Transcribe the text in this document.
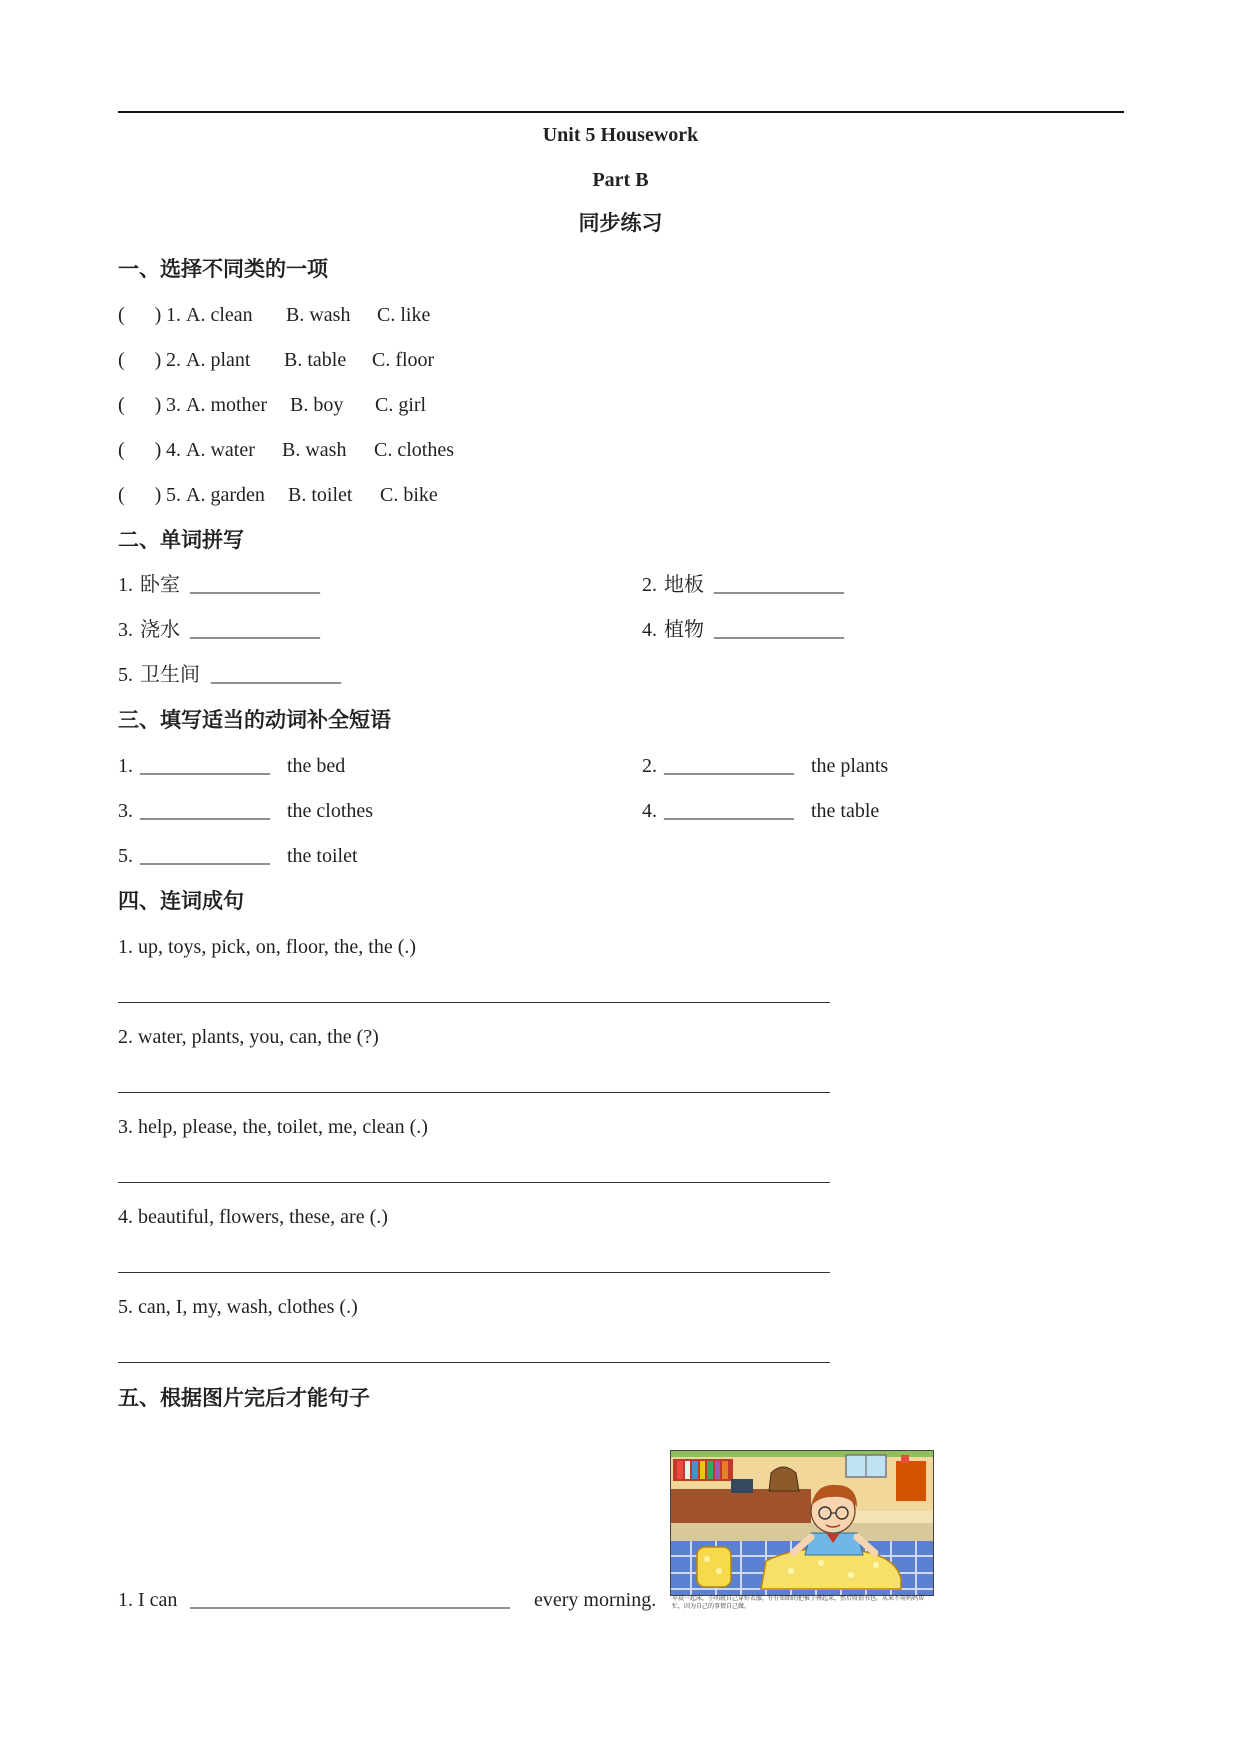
Unit 5 Housework
Part B
同步练习
一、选择不同类的一项
(      ) 1. A. clean B. wash C. like
(      ) 2. A. plant B. table C. floor
(      ) 3. A. mother B. boy C. girl
(      ) 4. A. water B. wash C. clothes
(      ) 5. A. garden B. toilet C. bike
二、单词拼写
1. 卧室 _____________	2. 地板 _____________
3. 浇水 _____________	4. 植物 _____________
5. 卫生间 _____________
三、填写适当的动词补全短语
1. _____________ the bed	2. _____________ the plants
3. _____________ the clothes	4. _____________ the table
5. _____________ the toilet
四、连词成句
1. up, toys, pick, on, floor, the, the (.)
2. water, plants, you, can, the (?)
3. help, please, the, toilet, me, clean (.)
4. beautiful, flowers, these, are (.)
5. can, I, my, wash, clothes (.)
五、根据图片完后才能句子
早晨一起床，小明就自己穿好衣服，仔仔细细的把被子叠起来，然后收拾书包。从来不用妈妈帮忙，因为自己的事情自己做。
1. I can ________________________________ every morning.
